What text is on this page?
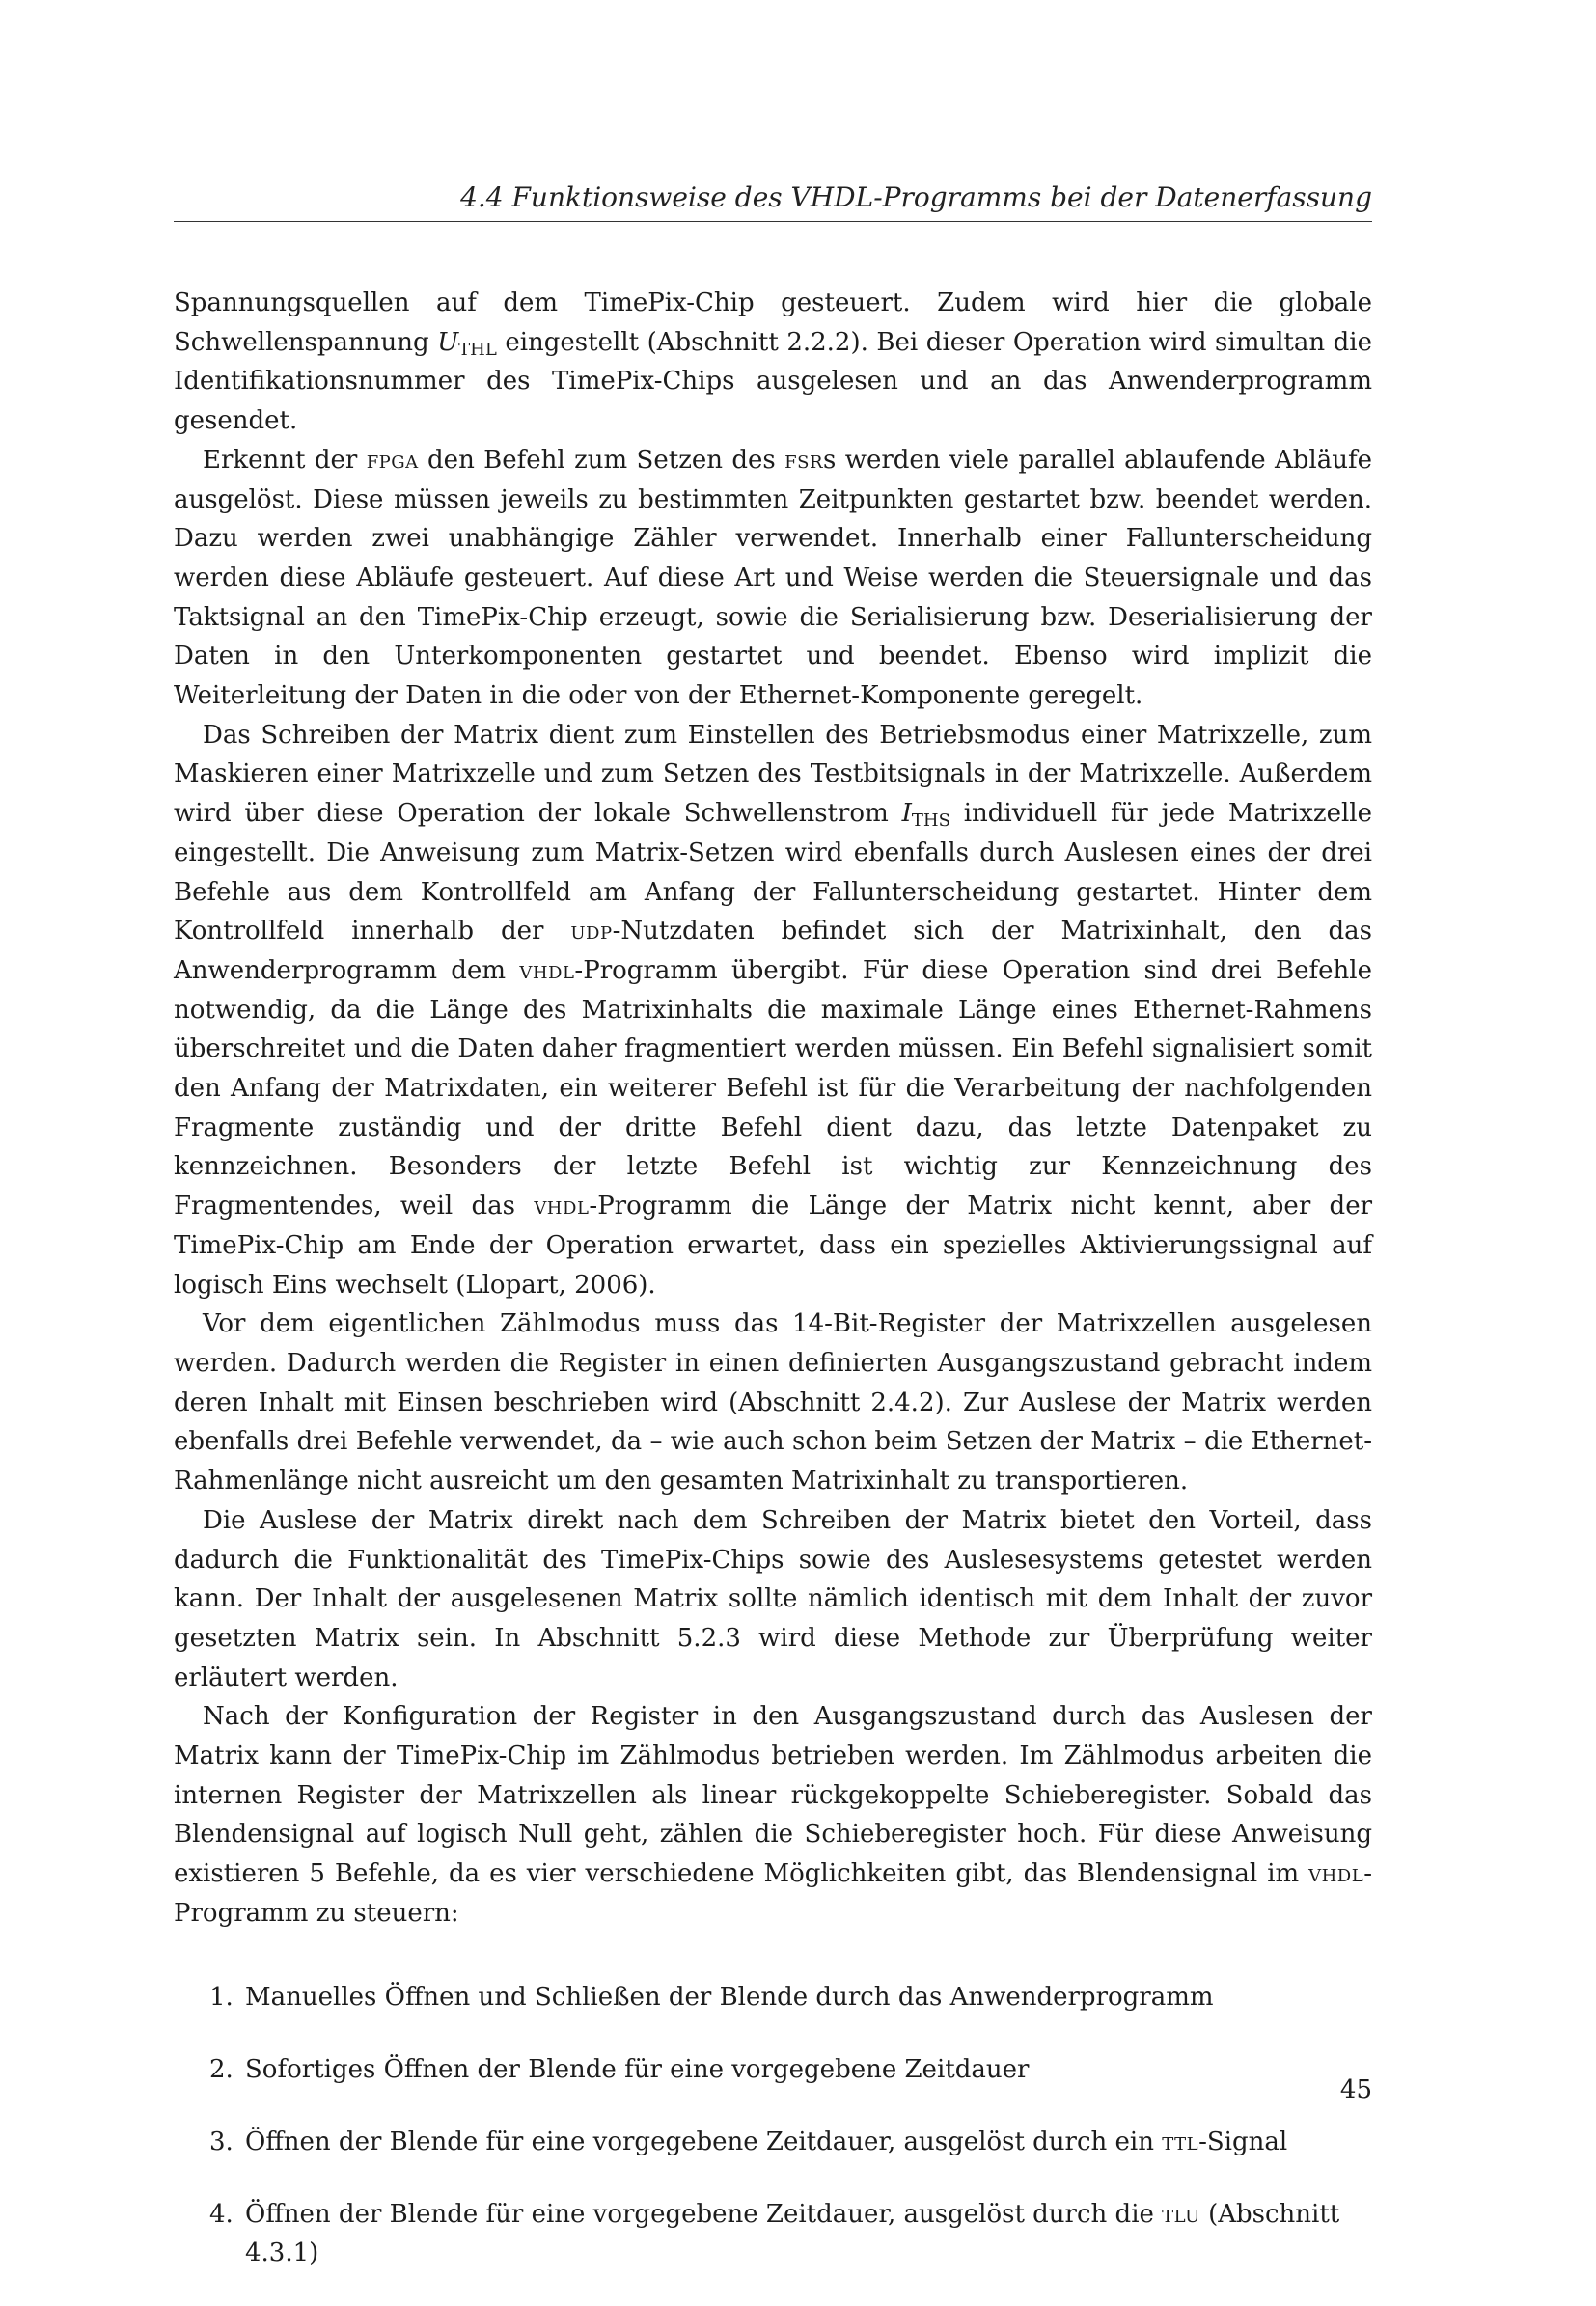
4.4 Funktionsweise des VHDL-Programms bei der Datenerfassung

Spannungsquellen auf dem TimePix-Chip gesteuert. Zudem wird hier die globale Schwellenspannung $U_{THL}$ eingestellt (Abschnitt 2.2.2). Bei dieser Operation wird simultan die Identifikationsnummer des TimePix-Chips ausgelesen und an das Anwenderprogramm gesendet.

Erkennt der fpga den Befehl zum Setzen des fsrs werden viele parallel ablaufende Abläufe ausgelöst. Diese müssen jeweils zu bestimmten Zeitpunkten gestartet bzw. beendet werden. Dazu werden zwei unabhängige Zähler verwendet. Innerhalb einer Fallunterscheidung werden diese Abläufe gesteuert. Auf diese Art und Weise werden die Steuersignale und das Taktsignal an den TimePix-Chip erzeugt, sowie die Serialisierung bzw. Deserialisierung der Daten in den Unterkomponenten gestartet und beendet. Ebenso wird implizit die Weiterleitung der Daten in die oder von der Ethernet-Komponente geregelt.

Das Schreiben der Matrix dient zum Einstellen des Betriebsmodus einer Matrixzelle, zum Maskieren einer Matrixzelle und zum Setzen des Testbitsignals in der Matrixzelle. Außerdem wird über diese Operation der lokale Schwellenstrom $I_{THS}$ individuell für jede Matrixzelle eingestellt. Die Anweisung zum Matrix-Setzen wird ebenfalls durch Auslesen eines der drei Befehle aus dem Kontrollfeld am Anfang der Fallunterscheidung gestartet. Hinter dem Kontrollfeld innerhalb der udp-Nutzdaten befindet sich der Matrixinhalt, den das Anwenderprogramm dem vhdl-Programm übergibt. Für diese Operation sind drei Befehle notwendig, da die Länge des Matrixinhalts die maximale Länge eines Ethernet-Rahmens überschreitet und die Daten daher fragmentiert werden müssen. Ein Befehl signalisiert somit den Anfang der Matrixdaten, ein weiterer Befehl ist für die Verarbeitung der nachfolgenden Fragmente zuständig und der dritte Befehl dient dazu, das letzte Datenpaket zu kennzeichnen. Besonders der letzte Befehl ist wichtig zur Kennzeichnung des Fragmentendes, weil das vhdl-Programm die Länge der Matrix nicht kennt, aber der TimePix-Chip am Ende der Operation erwartet, dass ein spezielles Aktivierungssignal auf logisch Eins wechselt (Llopart, 2006).

Vor dem eigentlichen Zählmodus muss das 14-Bit-Register der Matrixzellen ausgelesen werden. Dadurch werden die Register in einen definierten Ausgangszustand gebracht indem deren Inhalt mit Einsen beschrieben wird (Abschnitt 2.4.2). Zur Auslese der Matrix werden ebenfalls drei Befehle verwendet, da – wie auch schon beim Setzen der Matrix – die Ethernet-Rahmenlänge nicht ausreicht um den gesamten Matrixinhalt zu transportieren.

Die Auslese der Matrix direkt nach dem Schreiben der Matrix bietet den Vorteil, dass dadurch die Funktionalität des TimePix-Chips sowie des Auslesesystems getestet werden kann. Der Inhalt der ausgelesenen Matrix sollte nämlich identisch mit dem Inhalt der zuvor gesetzten Matrix sein. In Abschnitt 5.2.3 wird diese Methode zur Überprüfung weiter erläutert werden.

Nach der Konfiguration der Register in den Ausgangszustand durch das Auslesen der Matrix kann der TimePix-Chip im Zählmodus betrieben werden. Im Zählmodus arbeiten die internen Register der Matrixzellen als linear rückgekoppelte Schieberegister. Sobald das Blendensignal auf logisch Null geht, zählen die Schieberegister hoch. Für diese Anweisung existieren 5 Befehle, da es vier verschiedene Möglichkeiten gibt, das Blendensignal im vhdl-Programm zu steuern:

1. Manuelles Öffnen und Schließen der Blende durch das Anwenderprogramm
2. Sofortiges Öffnen der Blende für eine vorgegebene Zeitdauer
3. Öffnen der Blende für eine vorgegebene Zeitdauer, ausgelöst durch ein ttl-Signal
4. Öffnen der Blende für eine vorgegebene Zeitdauer, ausgelöst durch die tlu (Abschnitt 4.3.1)
45
